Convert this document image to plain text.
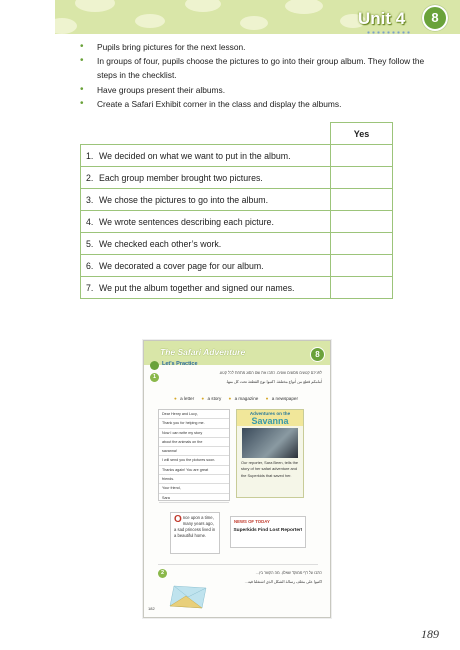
Unit 4	8
• Pupils bring pictures for the next lesson.
• In groups of four, pupils choose the pictures to go into their group album. They follow the steps in the checklist.
• Have groups present their albums.
• Create a Safari Exhibit corner in the class and display the albums.
	Yes
1. We decided on what we want to put in the album.	
2. Each group member brought two pictures.	
3. We chose the pictures to go into the album.	
4. We wrote sentences describing each picture.	
5. We checked each other’s work.	
6. We decorated a cover page for our album.	
7. We put the album together and signed our names.	
The Safari Adventure	8
Let's Practice
1
לפניכם קטעים מסוגים שונים. כתבו את שם הסוג מתחת לכל קטע.
أمامكم قطع من أنواع مختلفة. اكتبوا نوع القطعة تحت كل منها.
● a letter ● a story ● a magazine ● a newspaper
Dear Henry and Lucy,
Thank you for helping me.
Now I can write my story
about the animals on the
savanna!
I will send you the pictures soon.
Thanks again! You are great
friends.
Your friend,
Sara
Adventures on the
Savanna
Our reporter, Sara Been, tells the story of her safari adventure and the Superkids that saved her.
Once upon a time, many years ago, a sad princess lived in a beautiful home.
NEWS OF TODAY
Superkids Find Lost Reporter!
2	כתבו על דף ממוקד שאלון. מה הקשר בין...
اكتبوا على مغلف رسالة الشكل الذي اشتغلنا فيه...
182
189
